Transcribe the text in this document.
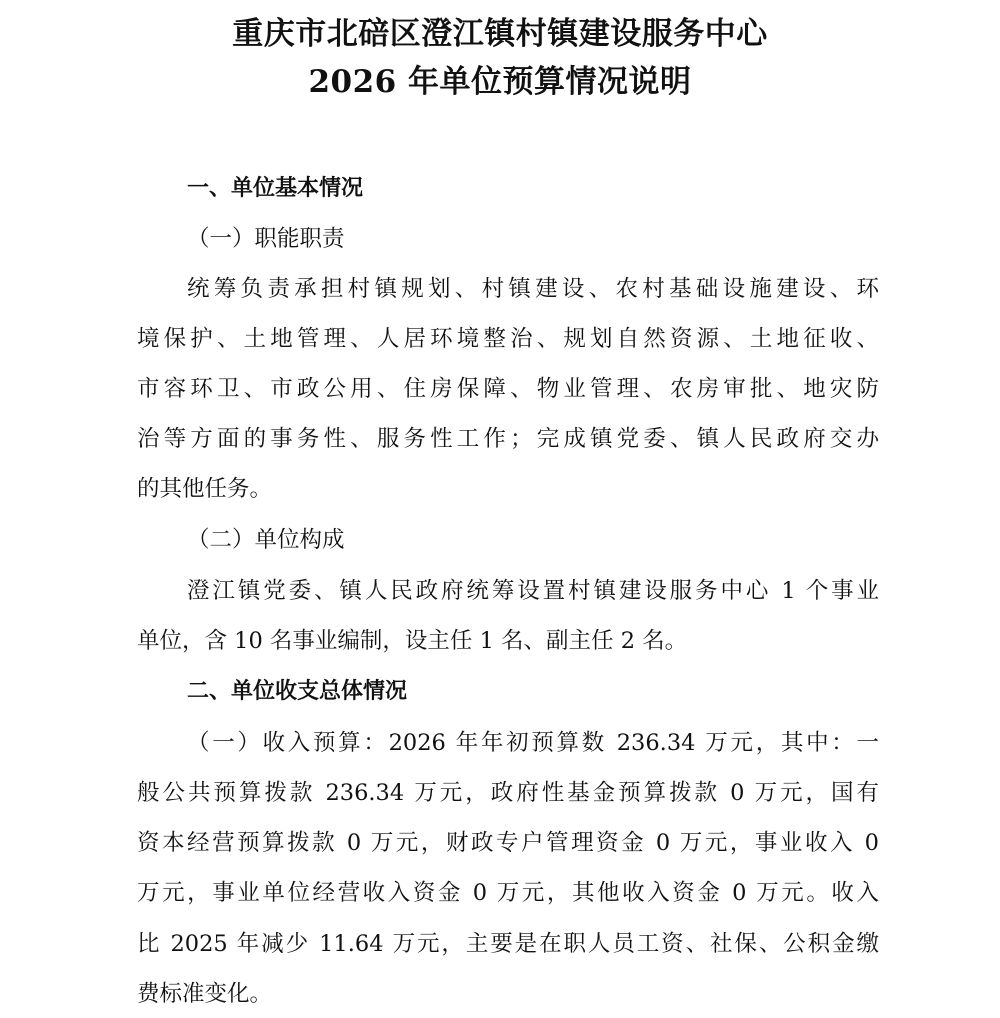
重庆市北碚区澄江镇村镇建设服务中心
2026 年单位预算情况说明
一、单位基本情况
（一）职能职责
统筹负责承担村镇规划、村镇建设、农村基础设施建设、环
境保护、土地管理、人居环境整治、规划自然资源、土地征收、
市容环卫、市政公用、住房保障、物业管理、农房审批、地灾防
治等方面的事务性、服务性工作；完成镇党委、镇人民政府交办
的其他任务。
（二）单位构成
澄江镇党委、镇人民政府统筹设置村镇建设服务中心 1 个事业
单位，含 10 名事业编制，设主任 1 名、副主任 2 名。
二、单位收支总体情况
（一）收入预算：2026 年年初预算数 236.34 万元，其中：一
般公共预算拨款 236.34 万元，政府性基金预算拨款 0 万元，国有
资本经营预算拨款 0 万元，财政专户管理资金 0 万元，事业收入 0
万元，事业单位经营收入资金 0 万元，其他收入资金 0 万元。收入
比 2025 年减少 11.64 万元，主要是在职人员工资、社保、公积金缴
费标准变化。
